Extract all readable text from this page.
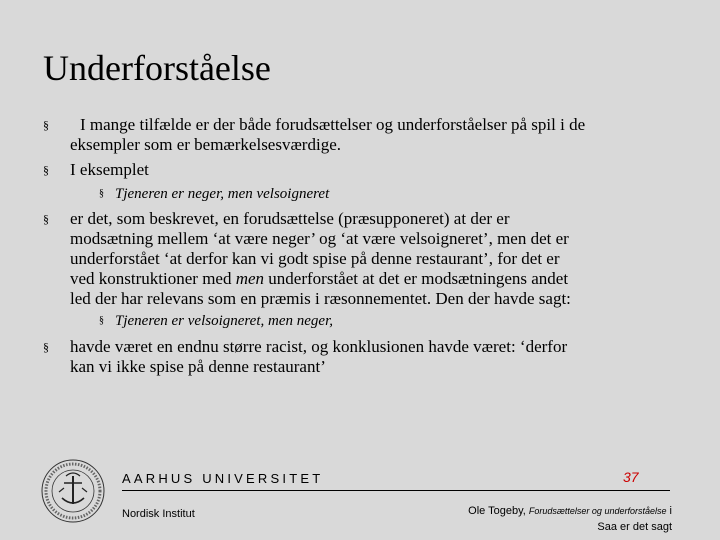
Underforståelse
§	I mange tilfælde er der både forudsættelser og underforståelser på spil i de
eksempler som er bemærkelsesværdige.
§ I eksemplet
§ Tjeneren er neger, men velsoigneret
§ er det, som beskrevet, en forudsættelse (præsupponeret) at der er
modsætning mellem ‘at være neger’ og ‘at være velsoigneret’, men det er
underforstået ‘at derfor kan vi godt spise på denne restaurant’, for det er
ved konstruktioner med men underforstået at det er modsætningens andet
led der har relevans som en præmis i ræsonnementet. Den der havde sagt:
§ Tjeneren er velsoigneret, men neger,
§ havde været en endnu større racist, og konklusionen havde været: ‘derfor
kan vi ikke spise på denne restaurant’
AARHUS UNIVERSITET
Nordisk Institut
37
Ole Togeby, Forudsættelser og underforståelse i
Saa er det sagt
